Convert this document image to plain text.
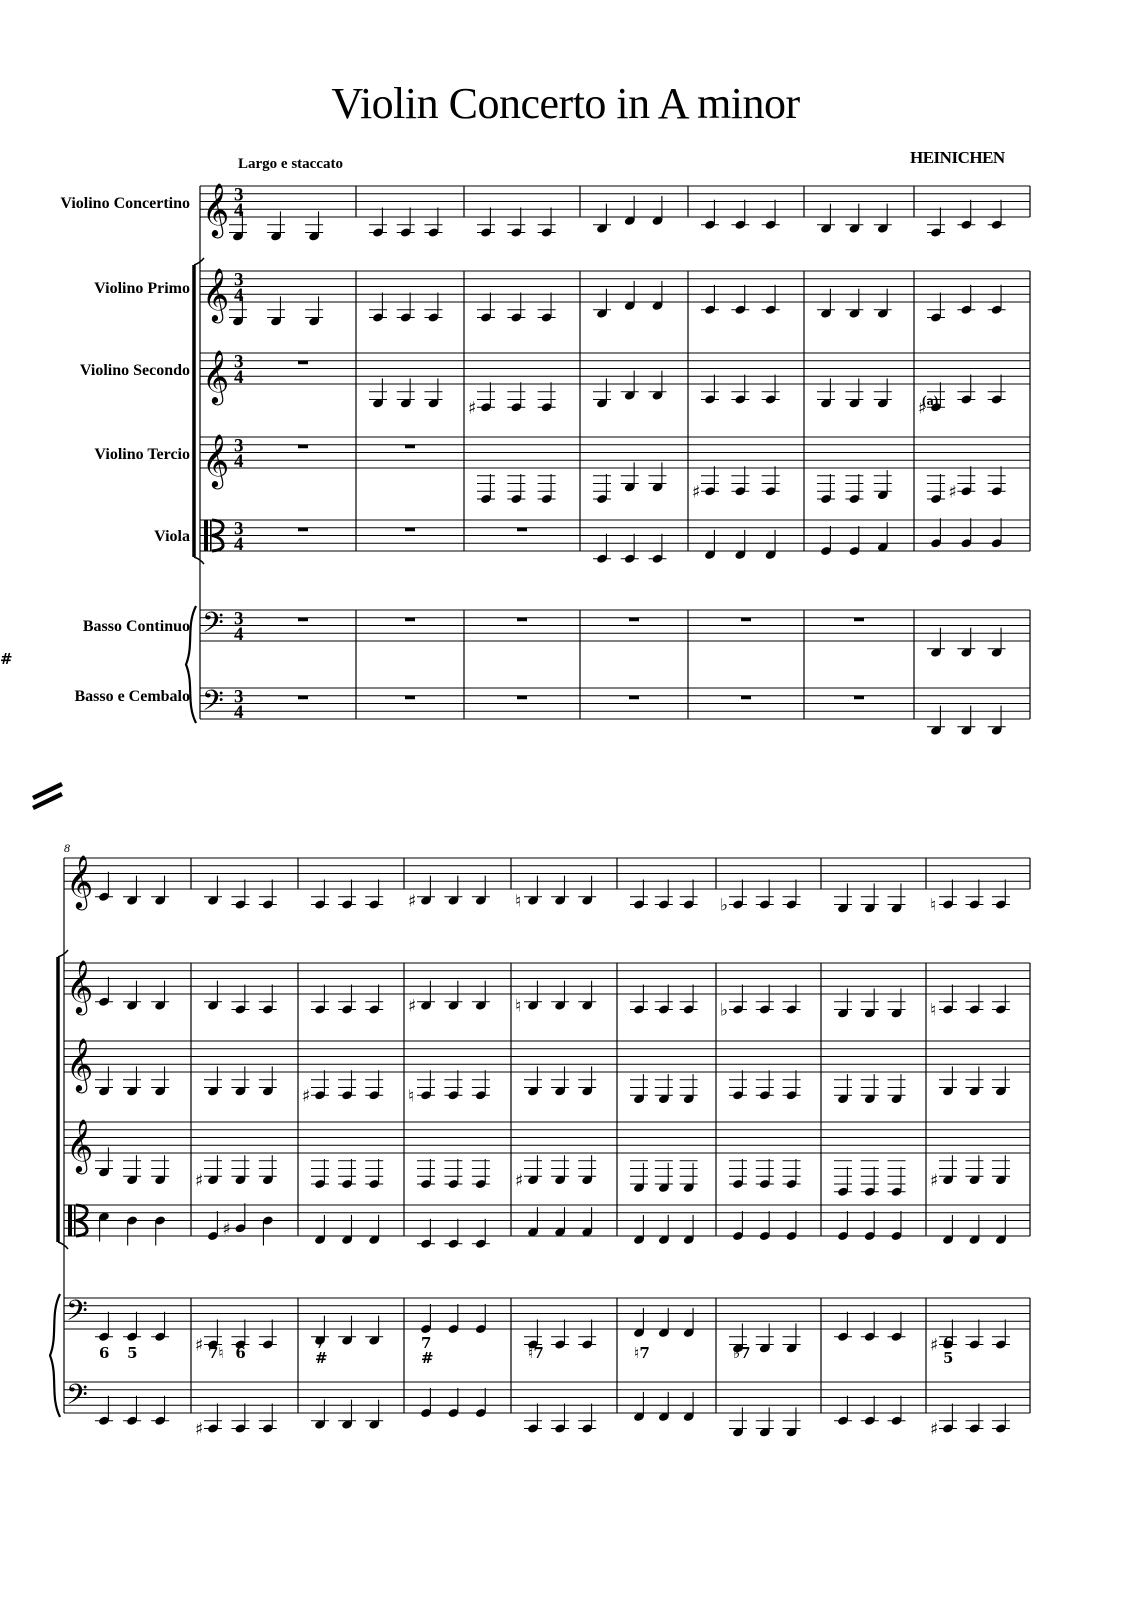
Violin Concerto in A minor
HEINICHEN
Largo e staccato
Violino Concertino
Violino Primo
Violino Secondo
Violino Tercio
Viola
Basso Continuo
Basso e Cembalo
𝄞 3
4
𝄞 3
4
𝄞 3
4
♯	♯
𝄞 3
4
♯	♯
3
4
𝄢 3
4
𝄢 3
4
#
𝄞	♯	♮	♭	♮
𝄞	♯	♮	♭	♮
𝄞
♯	♮
𝄞
♯	♯	♯
♯
𝄢
♯	♯
𝄢
♯	♯
6 5	7♮ 6
7
#
7
#	♮7	♮7	♭7
6
5
8
(a)
